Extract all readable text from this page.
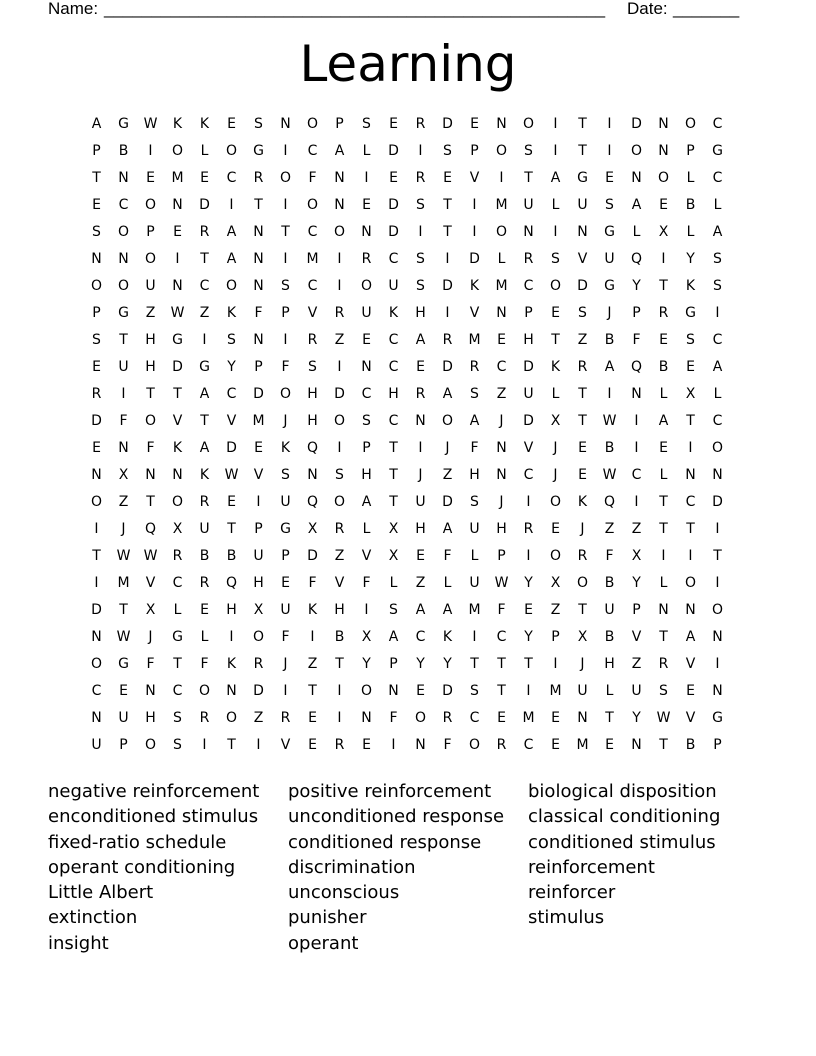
Name: _____________________________________________________ Date: _______
Learning
A	G	W	K	K	E	S	N	O	P	S	E	R	D	E	N	O	I	T	I	D	N	O	C
P	B	I	O	L	O	G	I	C	A	L	D	I	S	P	O	S	I	T	I	O	N	P	G
T	N	E	M	E	C	R	O	F	N	I	E	R	E	V	I	T	A	G	E	N	O	L	C
E	C	O	N	D	I	T	I	O	N	E	D	S	T	I	M	U	L	U	S	A	E	B	L
S	O	P	E	R	A	N	T	C	O	N	D	I	T	I	O	N	I	N	G	L	X	L	A
N	N	O	I	T	A	N	I	M	I	R	C	S	I	D	L	R	S	V	U	Q	I	Y	S
O	O	U	N	C	O	N	S	C	I	O	U	S	D	K	M	C	O	D	G	Y	T	K	S
P	G	Z	W	Z	K	F	P	V	R	U	K	H	I	V	N	P	E	S	J	P	R	G	I
S	T	H	G	I	S	N	I	R	Z	E	C	A	R	M	E	H	T	Z	B	F	E	S	C
E	U	H	D	G	Y	P	F	S	I	N	C	E	D	R	C	D	K	R	A	Q	B	E	A
R	I	T	T	A	C	D	O	H	D	C	H	R	A	S	Z	U	L	T	I	N	L	X	L
D	F	O	V	T	V	M	J	H	O	S	C	N	O	A	J	D	X	T	W	I	A	T	C
E	N	F	K	A	D	E	K	Q	I	P	T	I	J	F	N	V	J	E	B	I	E	I	O
N	X	N	N	K	W	V	S	N	S	H	T	J	Z	H	N	C	J	E	W	C	L	N	N
O	Z	T	O	R	E	I	U	Q	O	A	T	U	D	S	J	I	O	K	Q	I	T	C	D
I	J	Q	X	U	T	P	G	X	R	L	X	H	A	U	H	R	E	J	Z	Z	T	T	I
T	W W	R	B	B	U	P	D	Z	V	X	E	F	L	P	I	O	R	F	X	I	I	T
I	M	V	C	R	Q	H	E	F	V	F	L	Z	L	U	W	Y	X	O	B	Y	L	O	I
D	T	X	L	E	H	X	U	K	H	I	S	A	A	M	F	E	Z	T	U	P	N	N	O
N	W	J	G	L	I	O	F	I	B	X	A	C	K	I	C	Y	P	X	B	V	T	A	N
O	G	F	T	F	K	R	J	Z	T	Y	P	Y	Y	T	T	T	I	J	H	Z	R	V	I
C	E	N	C	O	N	D	I	T	I	O	N	E	D	S	T	I	M	U	L	U	S	E	N
N	U	H	S	R	O	Z	R	E	I	N	F	O	R	C	E	M	E	N	T	Y	W	V	G
U	P	O	S	I	T	I	V	E	R	E	I	N	F	O	R	C	E	M	E	N	T	B	P
negative reinforcement
enconditioned stimulus
fixed-ratio schedule
operant conditioning
Little Albert
extinction
insight
positive reinforcement
unconditioned response
conditioned response
discrimination
unconscious
punisher
operant
biological disposition
classical conditioning
conditioned stimulus
reinforcement
reinforcer
stimulus
